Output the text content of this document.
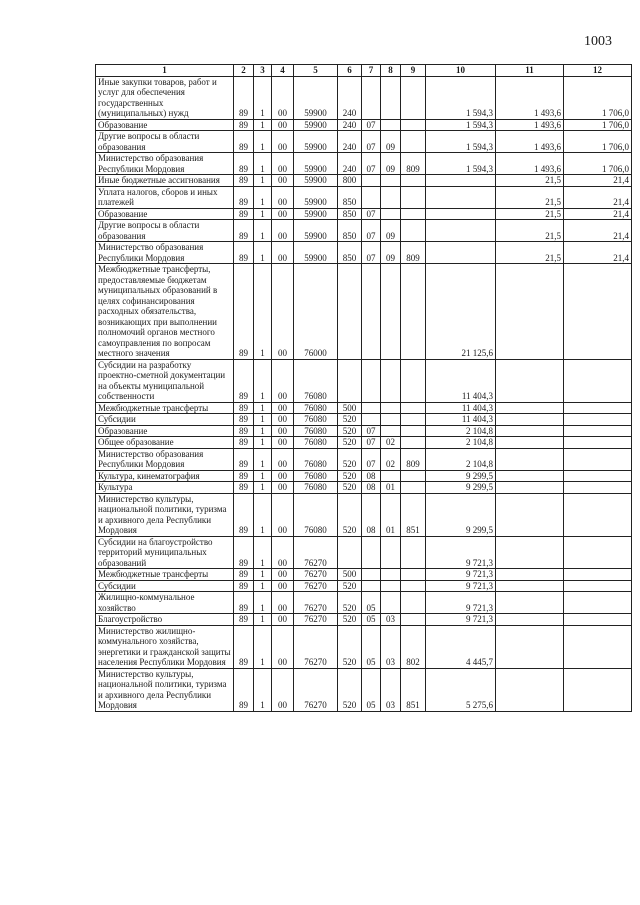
1003
1	2	3	4	5	6	7	8	9	10	11	12
Иные закупки товаров, работ и услуг для обеспечения государственных (муниципальных) нужд	89	1	00	59900	240				1 594,3	1 493,6	1 706,0
Образование	89	1	00	59900	240	07			1 594,3	1 493,6	1 706,0
Другие вопросы в области образования	89	1	00	59900	240	07	09		1 594,3	1 493,6	1 706,0
Министерство образования Республики Мордовия	89	1	00	59900	240	07	09	809	1 594,3	1 493,6	1 706,0
Иные бюджетные ассигнования	89	1	00	59900	800					21,5	21,4
Уплата налогов, сборов и иных платежей	89	1	00	59900	850					21,5	21,4
Образование	89	1	00	59900	850	07				21,5	21,4
Другие вопросы в области образования	89	1	00	59900	850	07	09			21,5	21,4
Министерство образования Республики Мордовия	89	1	00	59900	850	07	09	809		21,5	21,4
Межбюджетные трансферты, предоставляемые бюджетам муниципальных образований в целях софинансирования расходных обязательства, возникающих при выполнении полномочий органов местного самоуправления по вопросам местного значения	89	1	00	76000					21 125,6		
Субсидии на разработку проектно-сметной документации на объекты муниципальной собственности	89	1	00	76080					11 404,3		
Межбюджетные трансферты	89	1	00	76080	500				11 404,3		
Субсидии	89	1	00	76080	520				11 404,3		
Образование	89	1	00	76080	520	07			2 104,8		
Общее образование	89	1	00	76080	520	07	02		2 104,8		
Министерство образования Республики Мордовия	89	1	00	76080	520	07	02	809	2 104,8		
Культура, кинематография	89	1	00	76080	520	08			9 299,5		
Культура	89	1	00	76080	520	08	01		9 299,5		
Министерство культуры, национальной политики, туризма и архивного дела Республики Мордовия	89	1	00	76080	520	08	01	851	9 299,5		
Субсидии на благоустройство территорий муниципальных образований	89	1	00	76270					9 721,3		
Межбюджетные трансферты	89	1	00	76270	500				9 721,3		
Субсидии	89	1	00	76270	520				9 721,3		
Жилищно-коммунальное хозяйство	89	1	00	76270	520	05			9 721,3		
Благоустройство	89	1	00	76270	520	05	03		9 721,3		
Министерство жилищно-коммунального хозяйства, энергетики и гражданской защиты населения Республики Мордовия	89	1	00	76270	520	05	03	802	4 445,7		
Министерство культуры, национальной политики, туризма и архивного дела Республики Мордовия	89	1	00	76270	520	05	03	851	5 275,6		
